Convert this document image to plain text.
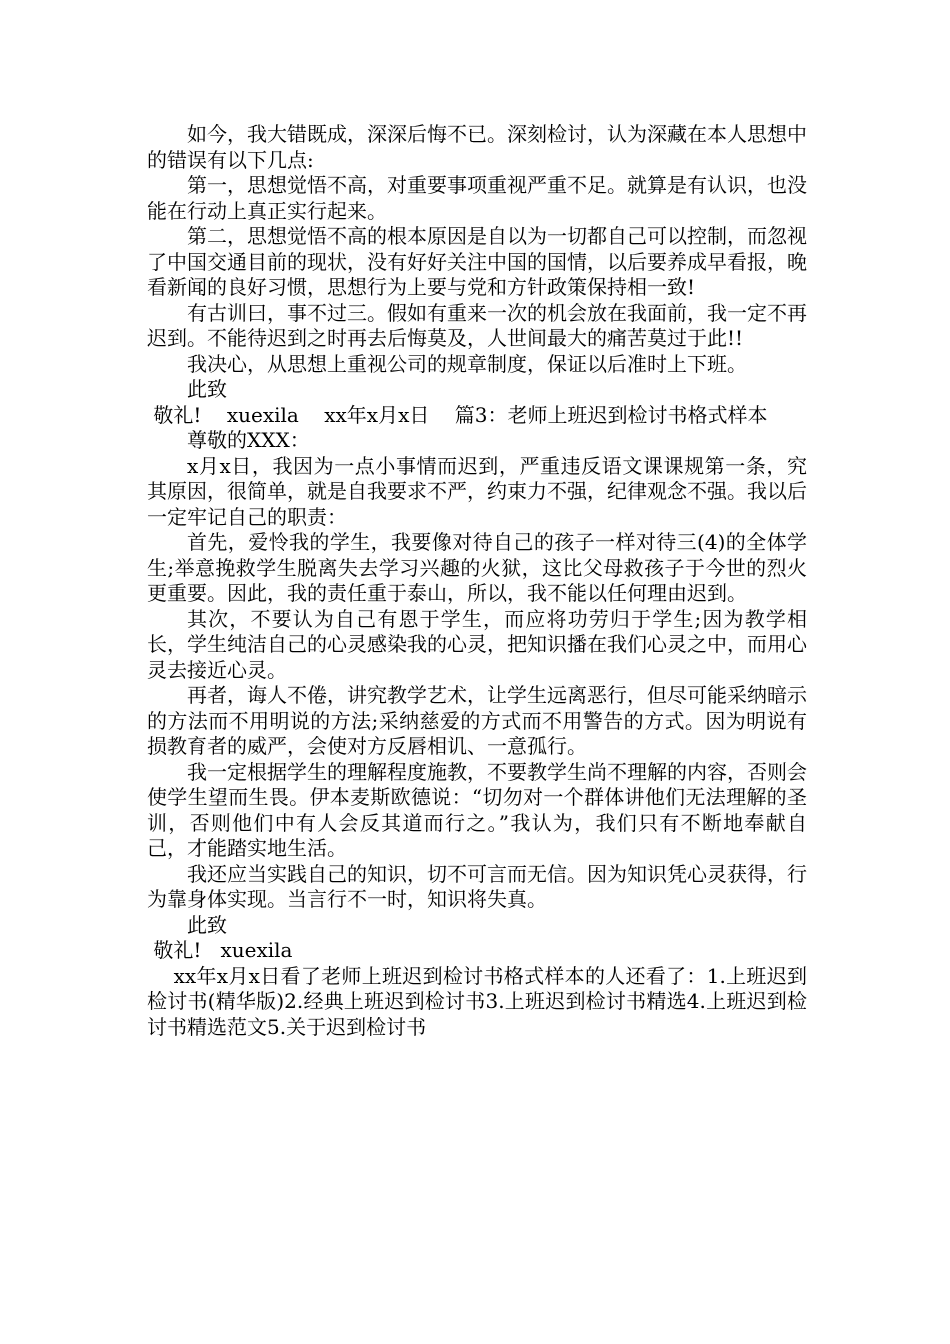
如今，我大错既成，深深后悔不已。深刻检讨，认为深藏在本人思想中的错误有以下几点:

第一，思想觉悟不高，对重要事项重视严重不足。就算是有认识，也没能在行动上真正实行起来。

第二，思想觉悟不高的根本原因是自以为一切都自己可以控制，而忽视了中国交通目前的现状，没有好好关注中国的国情，以后要养成早看报，晚看新闻的良好习惯，思想行为上要与党和方针政策保持相一致!

有古训曰，事不过三。假如有重来一次的机会放在我面前，我一定不再迟到。不能待迟到之时再去后悔莫及，人世间最大的痛苦莫过于此!!

我决心，从思想上重视公司的规章制度，保证以后准时上下班。

此致

敬礼!    xuexila    xx年x月x日    篇3：老师上班迟到检讨书格式样本

尊敬的XXX：

x月x日，我因为一点小事情而迟到，严重违反语文课课规第一条，究其原因，很简单，就是自我要求不严，约束力不强，纪律观念不强。我以后一定牢记自己的职责：

首先，爱怜我的学生，我要像对待自己的孩子一样对待三(4)的全体学生;举意挽救学生脱离失去学习兴趣的火狱，这比父母救孩子于今世的烈火更重要。因此，我的责任重于泰山，所以，我不能以任何理由迟到。

其次，不要认为自己有恩于学生，而应将功劳归于学生;因为教学相长，学生纯洁自己的心灵感染我的心灵，把知识播在我们心灵之中，而用心灵去接近心灵。

再者，诲人不倦，讲究教学艺术，让学生远离恶行，但尽可能采纳暗示的方法而不用明说的方法;采纳慈爱的方式而不用警告的方式。因为明说有损教育者的威严，会使对方反唇相讥、一意孤行。

我一定根据学生的理解程度施教，不要教学生尚不理解的内容，否则会使学生望而生畏。伊本麦斯欧德说：“切勿对一个群体讲他们无法理解的圣训，否则他们中有人会反其道而行之。”我认为，我们只有不断地奉献自己，才能踏实地生活。

我还应当实践自己的知识，切不可言而无信。因为知识凭心灵获得，行为靠身体实现。当言行不一时，知识将失真。

此致

敬礼!   xuexila

xx年x月x日看了老师上班迟到检讨书格式样本的人还看了：1.上班迟到检讨书(精华版)2.经典上班迟到检讨书3.上班迟到检讨书精选4.上班迟到检讨书精选范文5.关于迟到检讨书
